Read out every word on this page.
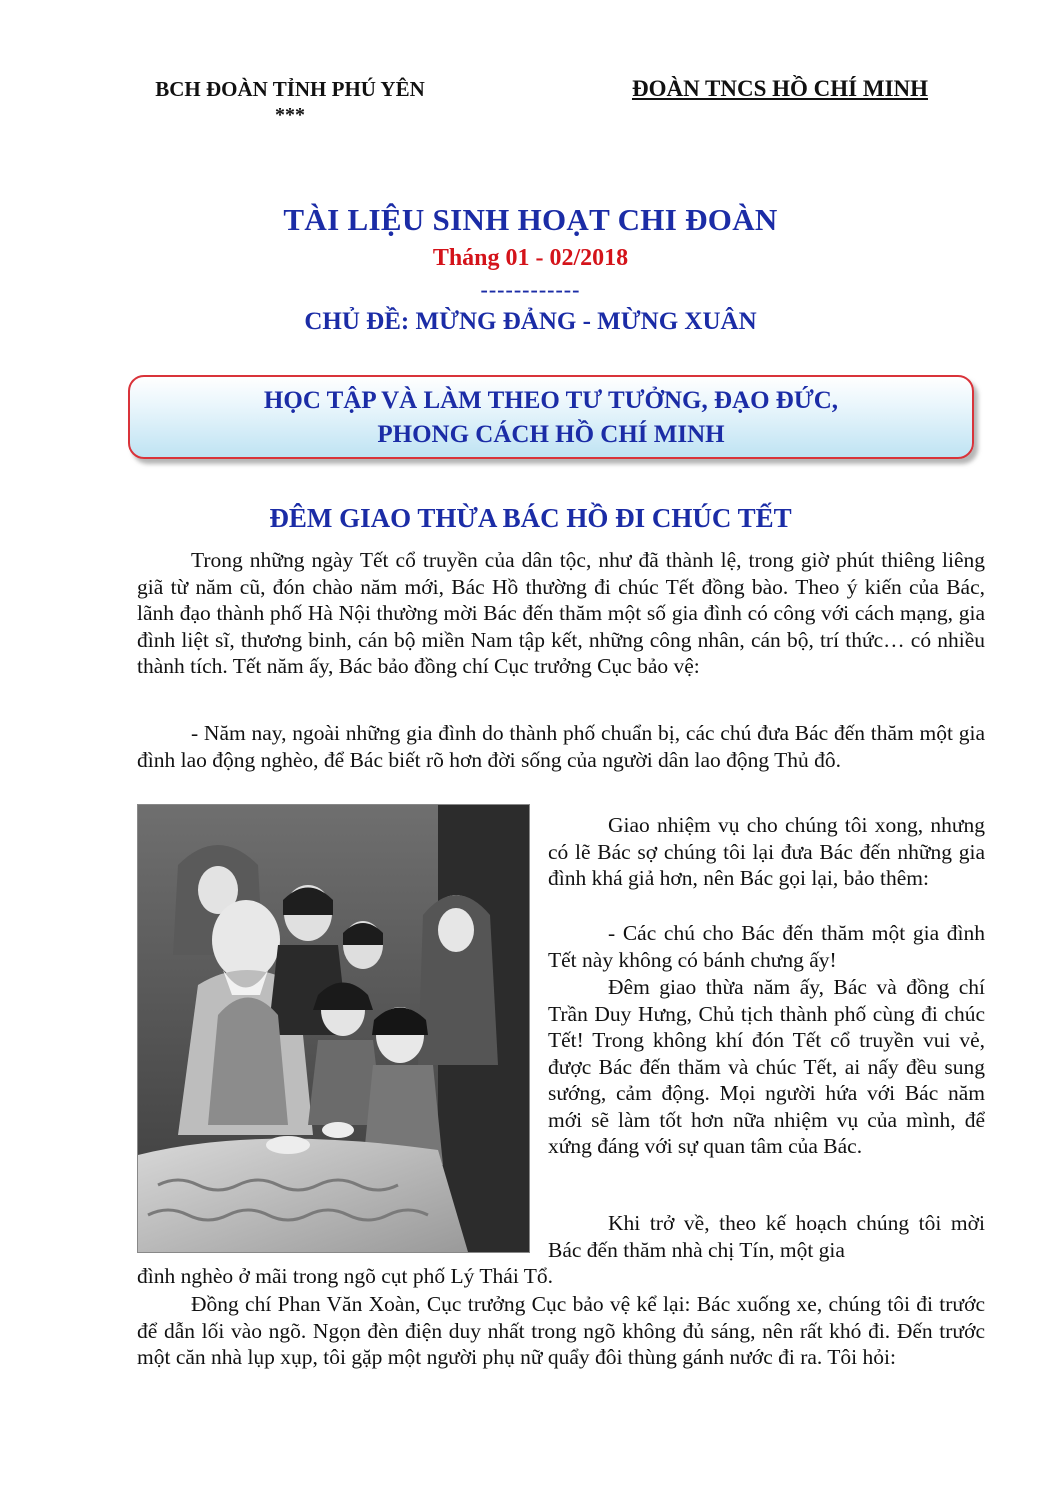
BCH ĐOÀN TỈNH PHÚ YÊN
***
ĐOÀN TNCS HỒ CHÍ MINH
TÀI LIỆU SINH HOẠT CHI ĐOÀN
Tháng 01 - 02/2018
------------
CHỦ ĐỀ: MỪNG ĐẢNG - MỪNG XUÂN
HỌC TẬP VÀ LÀM THEO TƯ TƯỞNG, ĐẠO ĐỨC,
PHONG CÁCH HỒ CHÍ MINH
ĐÊM GIAO THỪA BÁC HỒ ĐI CHÚC TẾT
Trong những ngày Tết cổ truyền của dân tộc, như đã thành lệ, trong giờ phút thiêng liêng giã từ năm cũ, đón chào năm mới, Bác Hồ thường đi chúc Tết đồng bào. Theo ý kiến của Bác, lãnh đạo thành phố Hà Nội thường mời Bác đến thăm một số gia đình có công với cách mạng, gia đình liệt sĩ, thương binh, cán bộ miền Nam tập kết, những công nhân, cán bộ, trí thức… có nhiều thành tích. Tết năm ấy, Bác bảo đồng chí Cục trưởng Cục bảo vệ:
- Năm nay, ngoài những gia đình do thành phố chuẩn bị, các chú đưa Bác đến thăm một gia đình lao động nghèo, để Bác biết rõ hơn đời sống của người dân lao động Thủ đô.
Giao nhiệm vụ cho chúng tôi xong, nhưng có lẽ Bác sợ chúng tôi lại đưa Bác đến những gia đình khá giả hơn, nên Bác gọi lại, bảo thêm:
- Các chú cho Bác đến thăm một gia đình Tết này không có bánh chưng ấy!
Đêm giao thừa năm ấy, Bác và đồng chí Trần Duy Hưng, Chủ tịch thành phố cùng đi chúc Tết! Trong không khí đón Tết cổ truyền vui vẻ, được Bác đến thăm và chúc Tết, ai nấy đều sung sướng, cảm động. Mọi người hứa với Bác năm mới sẽ làm tốt hơn nữa nhiệm vụ của mình, để xứng đáng với sự quan tâm của Bác.
Khi trở về, theo kế hoạch chúng tôi mời Bác đến thăm nhà chị Tín, một gia
đình nghèo ở mãi trong ngõ cụt phố Lý Thái Tổ.
Đồng chí Phan Văn Xoàn, Cục trưởng Cục bảo vệ kể lại: Bác xuống xe, chúng tôi đi trước để dẫn lối vào ngõ. Ngọn đèn điện duy nhất trong ngõ không đủ sáng, nên rất khó đi. Đến trước một căn nhà lụp xụp, tôi gặp một người phụ nữ quẩy đôi thùng gánh nước đi ra. Tôi hỏi:
